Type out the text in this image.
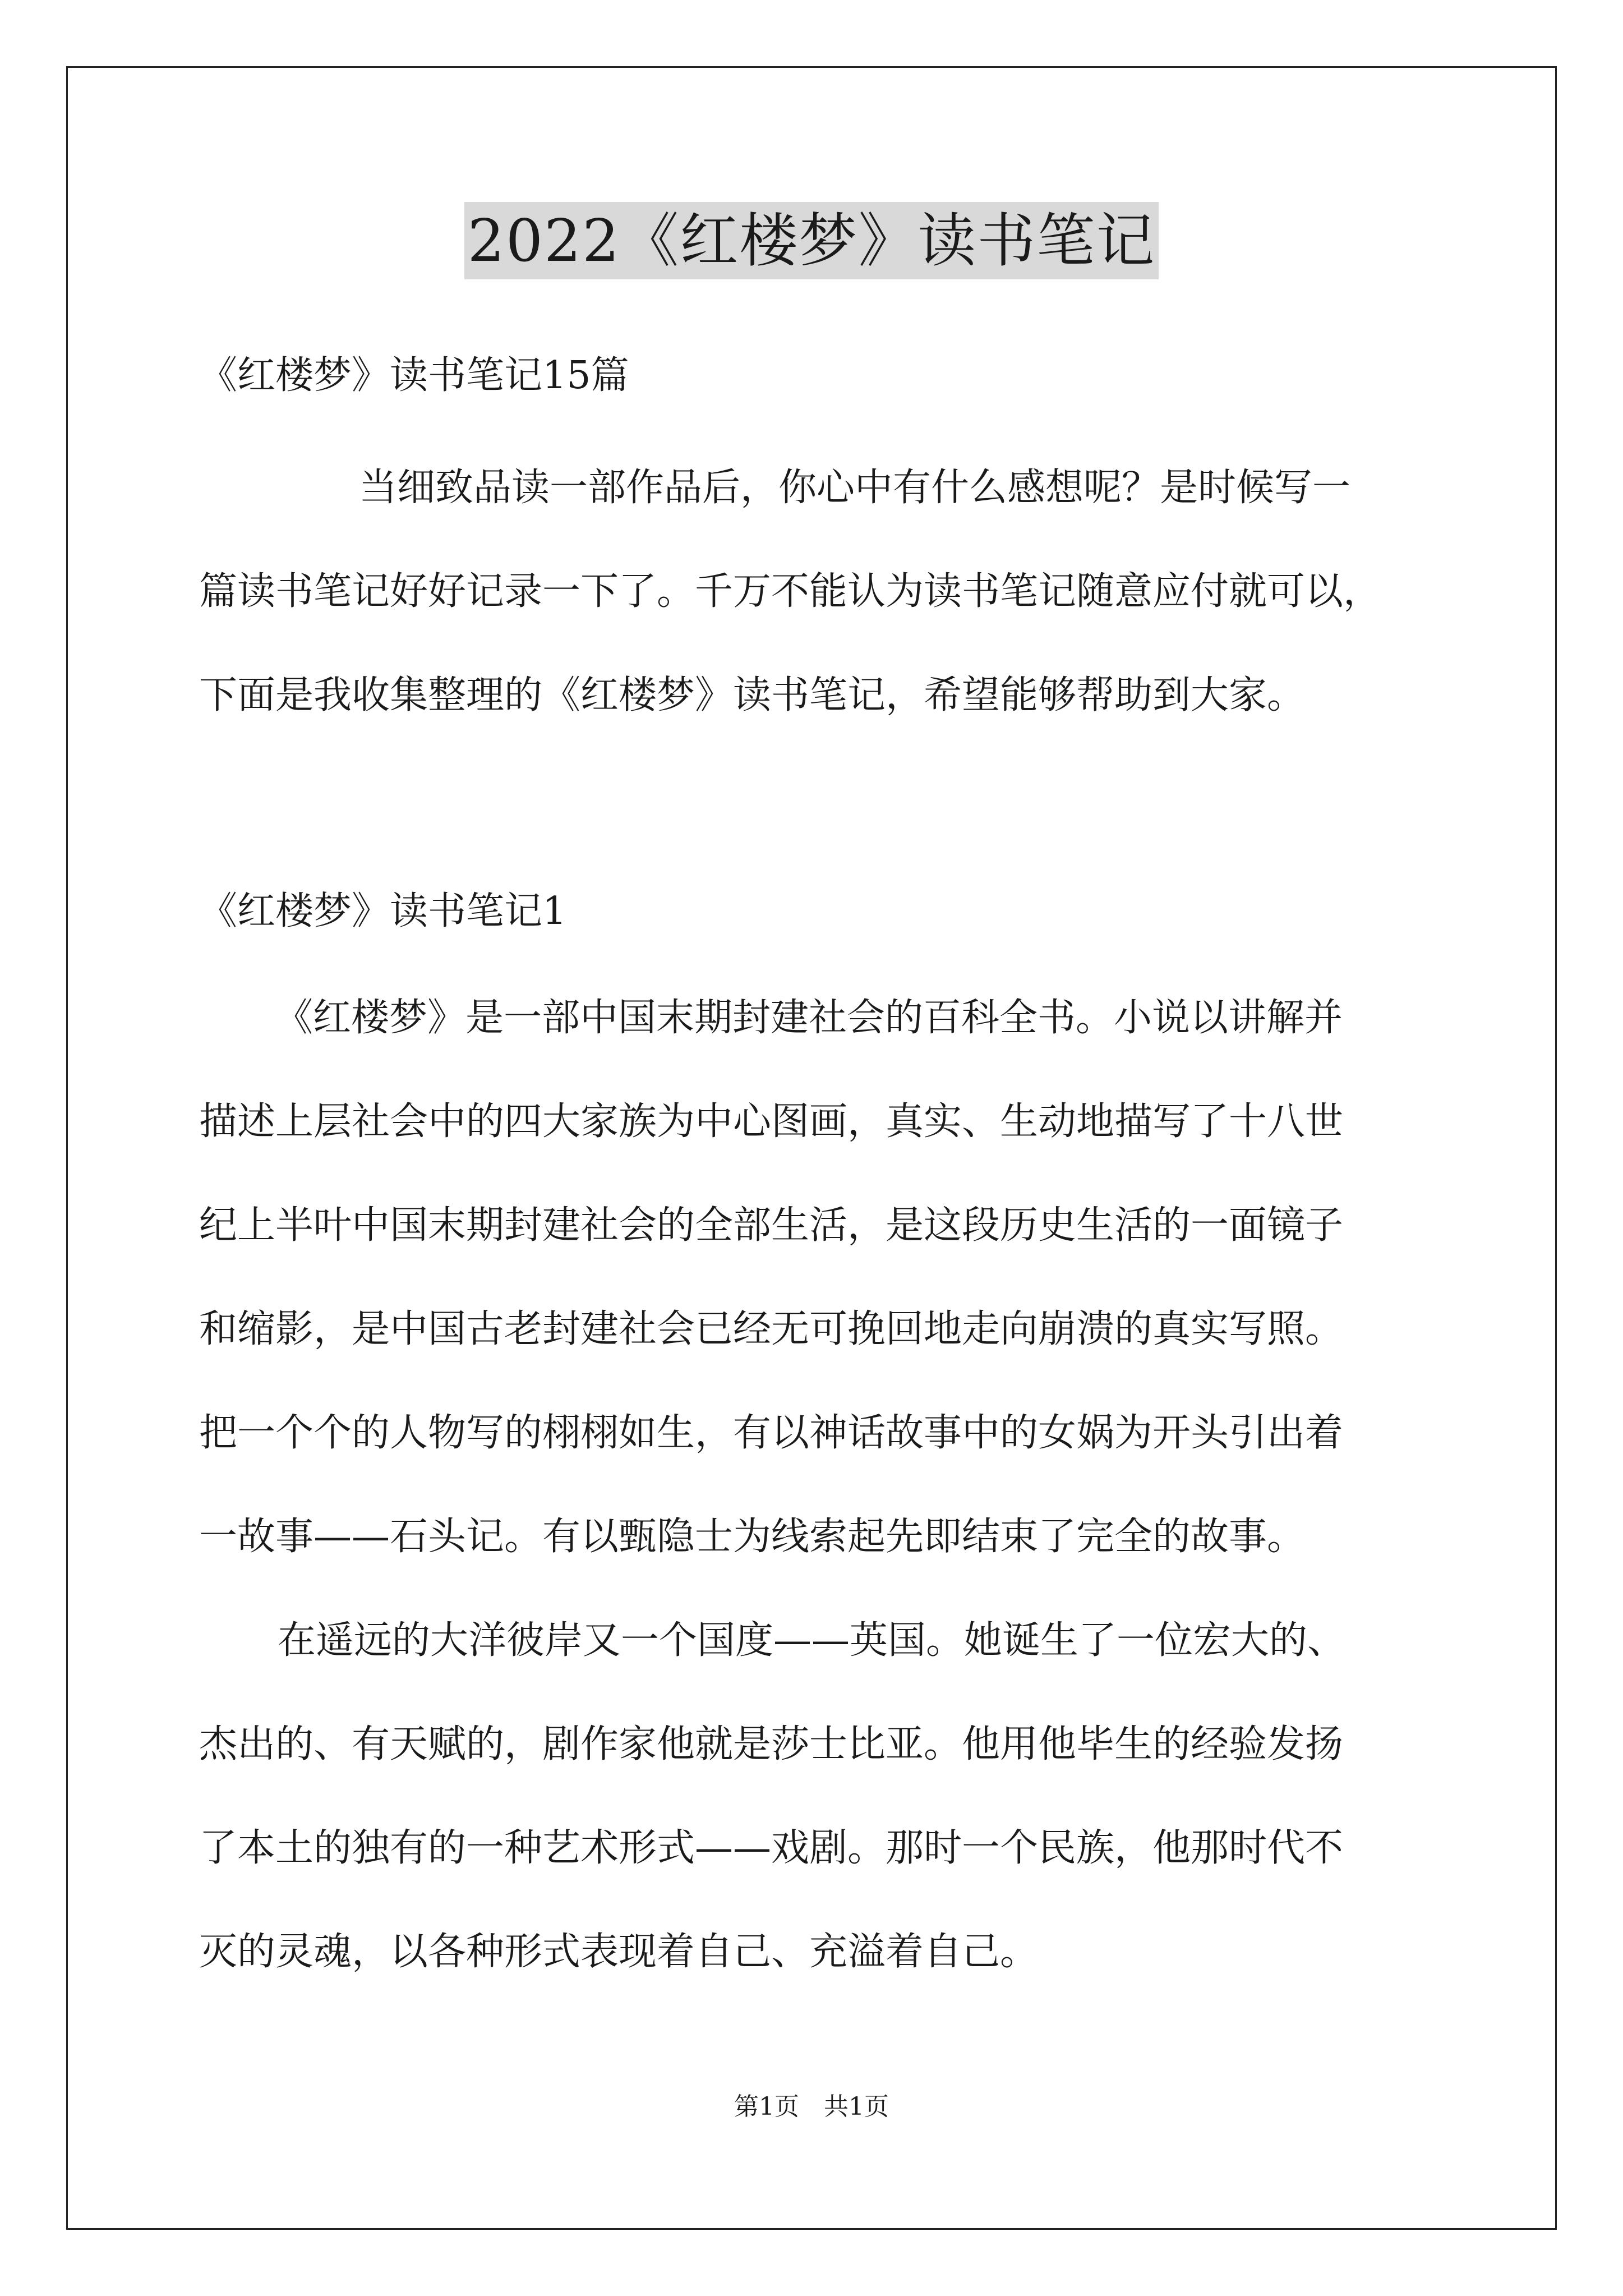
2022《红楼梦》读书笔记
《红楼梦》读书笔记15篇
当细致品读一部作品后，你心中有什么感想呢？是时候写一
篇读书笔记好好记录一下了。千万不能认为读书笔记随意应付就可以，
下面是我收集整理的《红楼梦》读书笔记，希望能够帮助到大家。
《红楼梦》读书笔记1
《红楼梦》是一部中国末期封建社会的百科全书。小说以讲解并
描述上层社会中的四大家族为中心图画，真实、生动地描写了十八世
纪上半叶中国末期封建社会的全部生活，是这段历史生活的一面镜子
和缩影，是中国古老封建社会已经无可挽回地走向崩溃的真实写照。
把一个个的人物写的栩栩如生，有以神话故事中的女娲为开头引出着
一故事——石头记。有以甄隐士为线索起先即结束了完全的故事。
在遥远的大洋彼岸又一个国度——英国。她诞生了一位宏大的、
杰出的、有天赋的，剧作家他就是莎士比亚。他用他毕生的经验发扬
了本土的独有的一种艺术形式——戏剧。那时一个民族，他那时代不
灭的灵魂，以各种形式表现着自己、充溢着自己。
第1页　共1页
